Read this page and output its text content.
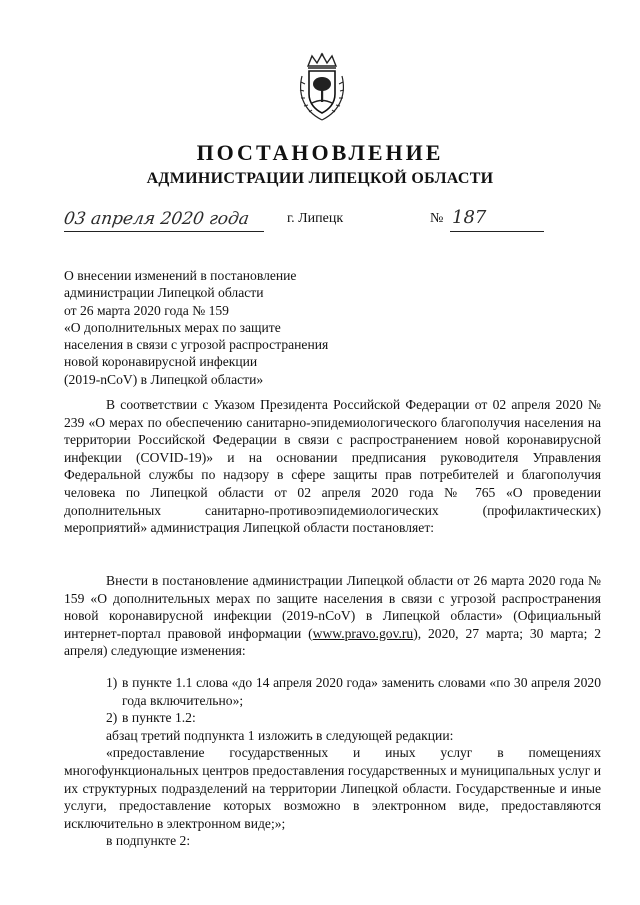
ПОСТАНОВЛЕНИЕ
АДМИНИСТРАЦИИ ЛИПЕЦКОЙ ОБЛАСТИ
03 апреля 2020 года	г. Липецк	№ 187
О внесении изменений в постановление
администрации Липецкой области
от 26 марта 2020 года № 159
«О дополнительных мерах по защите
населения в связи с угрозой распространения
новой коронавирусной инфекции
(2019-nCoV) в Липецкой области»
В соответствии с Указом Президента Российской Федерации от 02 апреля 2020 № 239 «О мерах по обеспечению санитарно-эпидемиологического благополучия населения на территории Российской Федерации в связи с распространением новой коронавирусной инфекции (COVID-19)» и на основании предписания руководителя Управления Федеральной службы по надзору в сфере защиты прав потребителей и благополучия человека по Липецкой области от 02 апреля 2020 года № 765 «О проведении дополнительных санитарно-противоэпидемиологических (профилактических) мероприятий» администрация Липецкой области постановляет:
Внести в постановление администрации Липецкой области от 26 марта 2020 года № 159 «О дополнительных мерах по защите населения в связи с угрозой распространения новой коронавирусной инфекции (2019-nCoV) в Липецкой области» (Официальный интернет-портал правовой информации (www.pravo.gov.ru), 2020, 27 марта; 30 марта; 2 апреля) следующие изменения:
1) в пункте 1.1 слова «до 14 апреля 2020 года» заменить словами «по 30 апреля 2020 года включительно»;
2) в пункте 1.2:
абзац третий подпункта 1 изложить в следующей редакции:
«предоставление государственных и иных услуг в помещениях многофункциональных центров предоставления государственных и муниципальных услуг и их структурных подразделений на территории Липецкой области. Государственные и иные услуги, предоставление которых возможно в электронном виде, предоставляются исключительно в электронном виде;»;
в подпункте 2:
